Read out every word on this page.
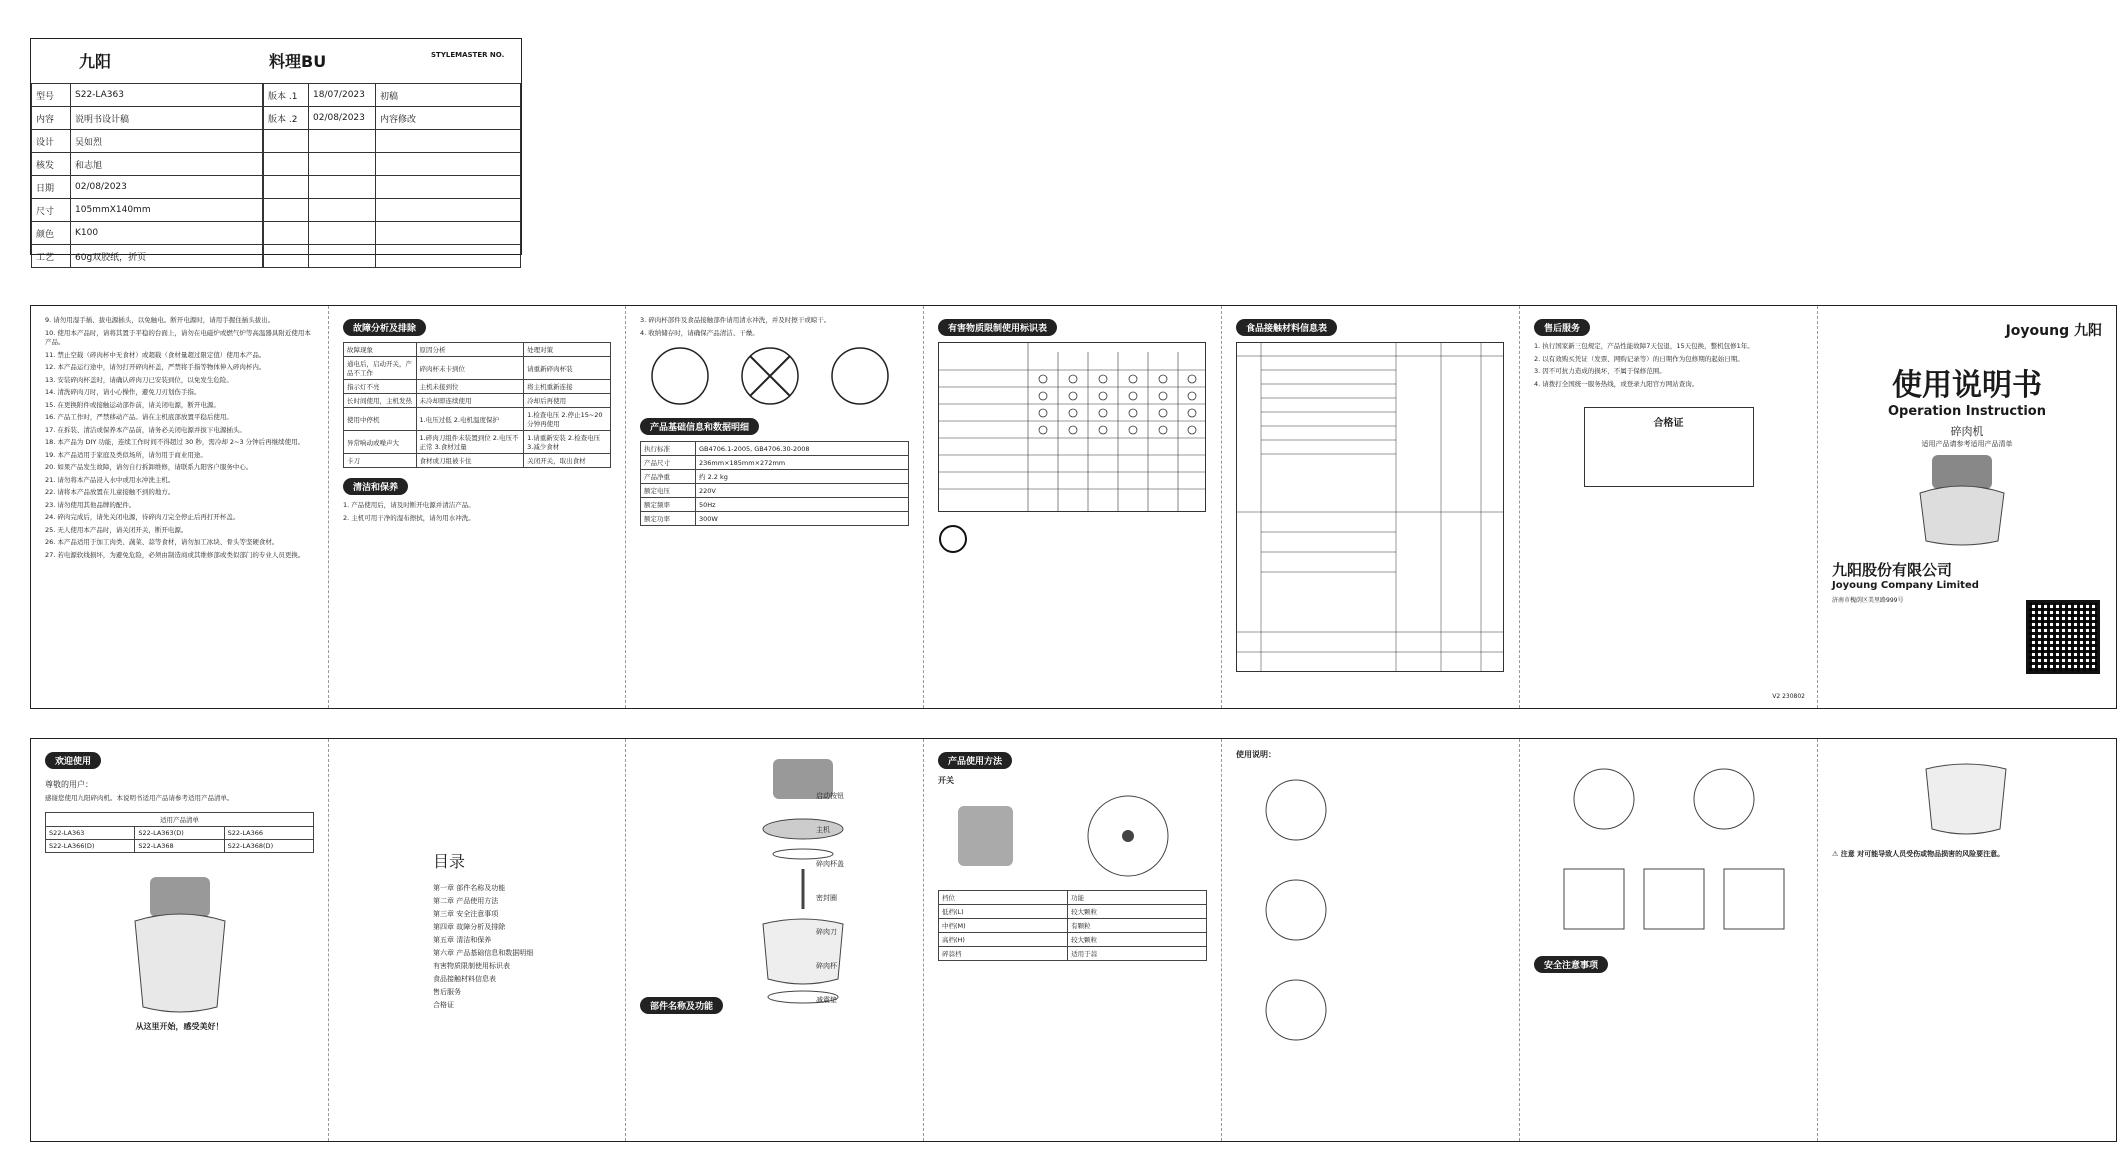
九阳	料理BU	STYLEMASTER NO.
型号	S22-LA363
内容	说明书设计稿
设计	吴如烈
核发	和志旭
日期	02/08/2023
尺寸	105mmX140mm
颜色	K100
工艺	60g双胶纸，折页
版本 .1	18/07/2023	初稿
版本 .2	02/08/2023	内容修改

9. 请勿用湿手插、拔电源插头，以免触电。断开电源时，请用手握住插头拔出。

10. 使用本产品时，请将其置于平稳的台面上，请勿在电磁炉或燃气炉等高温器具附近使用本产品。

11. 禁止空载（碎肉杯中无食材）或超载（食材量超过限定值）使用本产品。

12. 本产品运行途中，请勿打开碎肉杯盖，严禁将手指等物体伸入碎肉杯内。

13. 安装碎肉杯盖时，请确认碎肉刀已安装到位，以免发生危险。

14. 清洗碎肉刀时，请小心操作，避免刀刃划伤手指。

15. 在更换附件或接触运动部件前，请关闭电源，断开电源。

16. 产品工作时，严禁移动产品。请在主机底部放置平稳后使用。

17. 在拆装、清洁或保养本产品前，请务必关闭电源并拔下电源插头。

18. 本产品为 DIY 功能，连续工作时间不得超过 30 秒，需冷却 2~3 分钟后再继续使用。

19. 本产品适用于家庭及类似场所，请勿用于商业用途。

20. 如果产品发生故障，请勿自行拆卸维修，请联系九阳客户服务中心。

21. 请勿将本产品浸入水中或用水冲洗主机。

22. 请将本产品放置在儿童接触不到的地方。

23. 请勿使用其他品牌的配件。

24. 碎肉完成后，请先关闭电源，待碎肉刀完全停止后再打开杯盖。

25. 无人使用本产品时，请关闭开关，断开电源。

26. 本产品适用于加工肉类、蔬菜、蒜等食材，请勿加工冰块、骨头等坚硬食材。

27. 若电源软线损坏，为避免危险，必须由制造商或其维修部或类似部门的专业人员更换。

故障分析及排除
故障现象	原因分析	处理对策
通电后，启动开关，产品不工作	碎肉杯未卡到位	请重新碎肉杯装
指示灯不亮	主机未接到位	将主机重新连接
长时间使用，主机发热	未冷却即连续使用	冷却后再使用
使用中停机	1.电压过低 2.电机温度保护	1.检查电压 2.停止15~20分钟再使用
异常响动或噪声大	1.碎肉刀组件未装置到位 2.电压不正常 3.食材过量	1.请重新安装 2.检查电压 3.减少食材
卡刀	食材或刀组被卡住	关闭开关，取出食材
清洁和保养

1. 产品使用后，请及时断开电源并清洁产品。

2. 主机可用干净的湿布擦拭，请勿用水冲洗。

3. 碎肉杯部件及食品接触部件请用清水冲洗，并及时擦干或晾干。

4. 收纳储存时，请确保产品清洁、干燥。

产品基础信息和数据明细
执行标准	GB4706.1-2005, GB4706.30-2008
产品尺寸	236mm×185mm×272mm
产品净重	约 2.2 kg
额定电压	220V
额定频率	50Hz
额定功率	300W
有害物质限制使用标识表	食品接触材料信息表	售后服务

1. 执行国家新三包规定，产品性能故障7天包退，15天包换，整机包修1年。

2. 以有效购买凭证（发票、网购记录等）的日期作为包修期的起始日期。

3. 因不可抗力造成的损坏，不属于保修范围。

4. 请拨打全国统一服务热线，或登录九阳官方网站查询。

合格证
V2 230802
Joyoung 九阳
使用说明书
Operation Instruction
碎肉机
适用产品请参考适用产品清单
九阳股份有限公司
Joyoung Company Limited
济南市槐荫区美里路999号
欢迎使用
尊敬的用户：

感谢您使用九阳碎肉机。本说明书适用产品请参考适用产品清单。

适用产品清单		
S22-LA363	S22-LA363(D)	S22-LA366
S22-LA366(D)	S22-LA368	S22-LA368(D)
从这里开始，感受美好！
目录
第一章 部件名称及功能
第二章 产品使用方法
第三章 安全注意事项
第四章 故障分析及排除
第五章 清洁和保养
第六章 产品基础信息和数据明细
有害物质限制使用标识表
食品接触材料信息表
售后服务
合格证	部件名称及功能
启动按钮
主机
碎肉杯盖
密封圈
碎肉刀
碎肉杯
减震垫
产品使用方法
开关
档位	功能
低档(L)	较大颗粒
中档(M)	有颗粒
高档(H)	较大颗粒
碎蒜档	适用于蒜
使用说明：
安全注意事项
⚠ 注意 对可能导致人员受伤或物品损害的风险要注意。
